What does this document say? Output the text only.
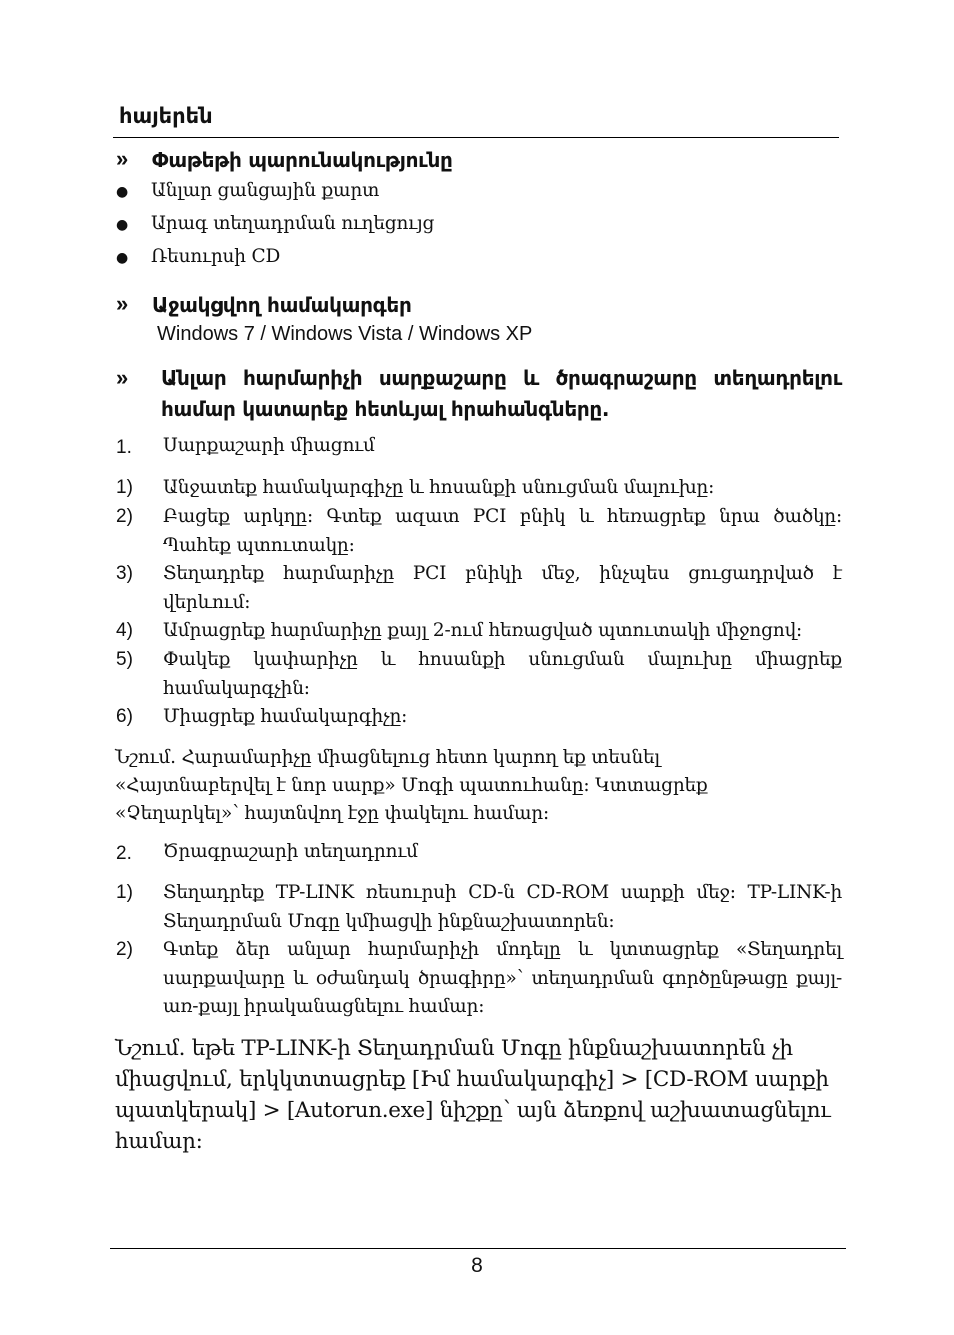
հայերեն
» Փաթեթի պարունակությունը
● Անլար ցանցային քարտ
● Արագ տեղադրման ուղեցույց
● Ռեսուրսի CD
» Աջակցվող համակարգեր
Windows 7 / Windows Vista / Windows XP
» Անլար հարմարիչի սարքաշարը և ծրագրաշարը տեղադրելու
համար կատարեք հետևյալ հրահանգները.
1. Սարքաշարի միացում
1) Անջատեք համակարգիչը և հոսանքի սնուցման մալուխը:
2) Բացեք արկղը: Գտեք ազատ PCI բնիկ և հեռացրեք նրա ծածկը: Պահեք պտուտակը:
3) Տեղադրեք հարմարիչը PCI բնիկի մեջ, ինչպես ցուցադրված է վերևում:
4) Ամրացրեք հարմարիչը քայլ 2-ում հեռացված պտուտակի միջոցով:
5) Փակեք կափարիչը և հոսանքի սնուցման մալուխը միացրեք համակարգչին:
6) Միացրեք համակարգիչը:
Նշում. Հարամարիչը միացնելուց հետո կարող եք տեսնել
«Հայտնաբերվել է նոր սարք» Մոգի պատուհանը: Կտտացրեք
«Չեղարկել»՝ հայտնվող էջը փակելու համար:
2. Ծրագրաշարի տեղադրում
1) Տեղադրեք TP-LINK ռեսուրսի CD-ն CD-ROM սարքի մեջ: TP-LINK-ի Տեղադրման Մոգը կմիացվի ինքնաշխատորեն:
2) Գտեք ձեր անլար հարմարիչի մոդելը և կտտացրեք «Տեղադրել սարքավարը և օժանդակ ծրագիրը»՝ տեղադրման գործընթացը քայլ-առ-քայլ իրականացնելու համար:
Նշում. եթե TP-LINK-ի Տեղադրման Մոգը ինքնաշխատորեն չի
միացվում, երկկտտացրեք [Իմ համակարգիչ] > [CD-ROM սարքի
պատկերակ] > [Autorun.exe] նիշքը՝ այն ձեռքով աշխատացնելու
համար:
8
